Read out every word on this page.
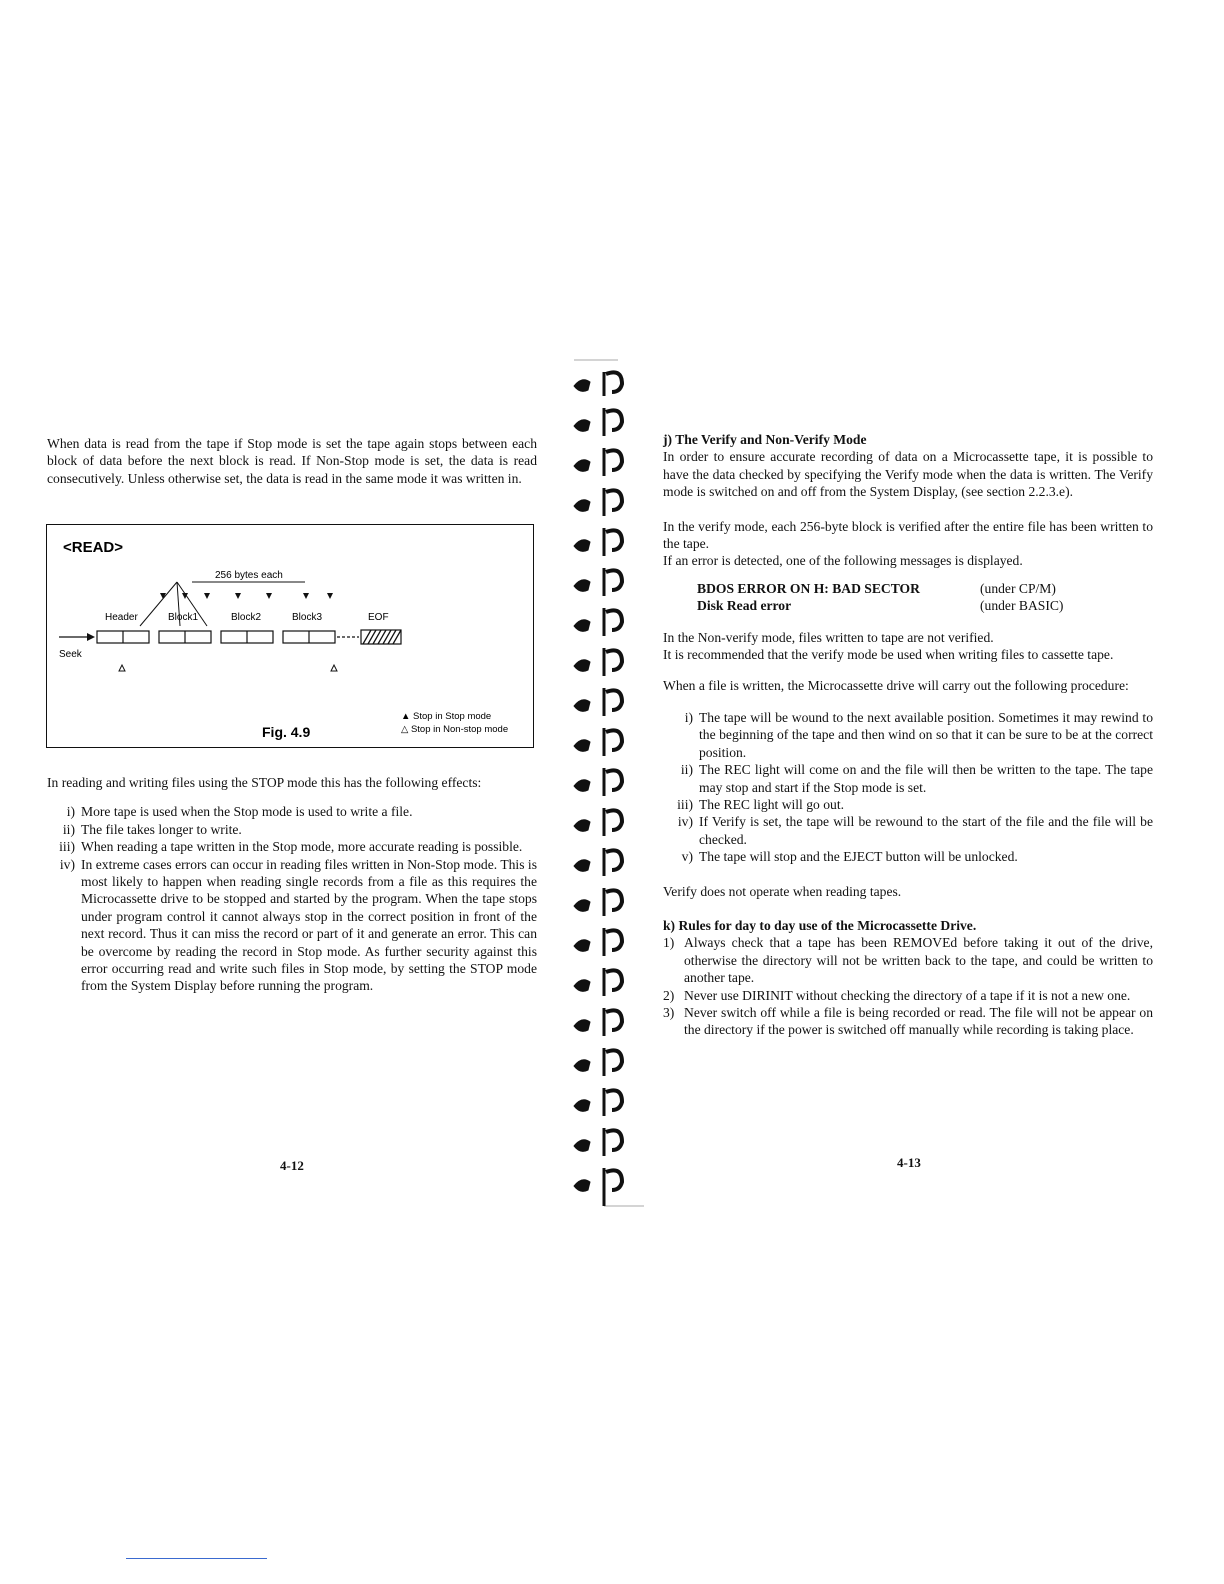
When data is read from the tape if Stop mode is set the tape again stops between each block of data before the next block is read. If Non-Stop mode is set, the data is read consecutively. Unless otherwise set, the data is read in the same mode it was written in.

<READ>
256 bytes each
Header	Block1	Block2	Block3	EOF
Seek
Fig. 4.9
▲ Stop in Stop mode
△ Stop in Non-stop mode

In reading and writing files using the STOP mode this has the following effects:

i) More tape is used when the Stop mode is used to write a file.
ii) The file takes longer to write.
iii) When reading a tape written in the Stop mode, more accurate reading is possible.
iv) In extreme cases errors can occur in reading files written in Non-Stop mode. This is most likely to happen when reading single records from a file as this requires the Microcassette drive to be stopped and started by the program. When the tape stops under program control it cannot always stop in the correct position in front of the next record. Thus it can miss the record or part of it and generate an error. This can be overcome by reading the record in Stop mode. As further security against this error occurring read and write such files in Stop mode, by setting the STOP mode from the System Display before running the program.
4-12

j) The Verify and Non-Verify Mode

In order to ensure accurate recording of data on a Microcassette tape, it is possible to have the data checked by specifying the Verify mode when the data is written. The Verify mode is switched on and off from the System Display, (see section 2.2.3.e).

In the verify mode, each 256-byte block is verified after the entire file has been written to the tape.

If an error is detected, one of the following messages is displayed.

BDOS ERROR ON H: BAD SECTOR	(under CP/M)
Disk Read error	(under BASIC)

In the Non-verify mode, files written to tape are not verified.

It is recommended that the verify mode be used when writing files to cassette tape.

When a file is written, the Microcassette drive will carry out the following procedure:

i) The tape will be wound to the next available position. Sometimes it may rewind to the beginning of the tape and then wind on so that it can be sure to be at the correct position.
ii) The REC light will come on and the file will then be written to the tape. The tape may stop and start if the Stop mode is set.
iii) The REC light will go out.
iv) If Verify is set, the tape will be rewound to the start of the file and the file will be checked.
v) The tape will stop and the EJECT button will be unlocked.

Verify does not operate when reading tapes.

k) Rules for day to day use of the Microcassette Drive.

1) Always check that a tape has been REMOVEd before taking it out of the drive, otherwise the directory will not be written back to the tape, and could be written to another tape.
2) Never use DIRINIT without checking the directory of a tape if it is not a new one.
3) Never switch off while a file is being recorded or read. The file will not be appear on the directory if the power is switched off manually while recording is taking place.
4-13
